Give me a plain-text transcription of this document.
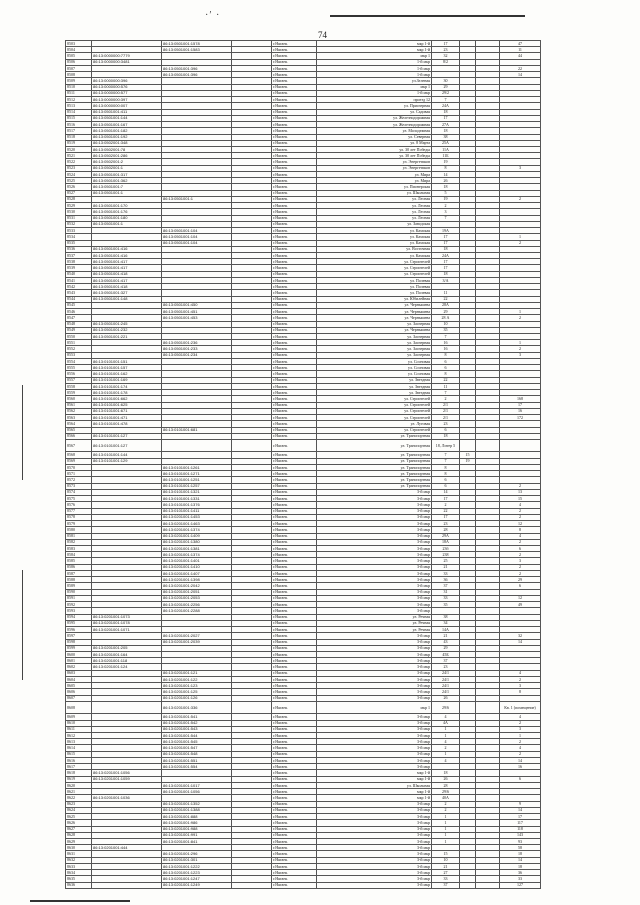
·ʹ ·
74
8503		86:13:0501001:1578		г.Нягань	мкр 1-й	17			47
8504		86:13:0501001:1583		г.Нягань	мкр 1-й	23			11
8505	86:13:0000000:7779			г.Нягань	мкр 1	32			44
8506	86:13:0000000:3481			г.Нягань	1-й мкр	8/2			
8507		86:13:0501001:396		г.Нягань	1-й мкр				22
8508		86:13:0501001:396		г.Нягань	1-й мкр				14
8509	86:13:0000000:396			г.Нягань	ул.Зеленая	30			
8510	86:13:0000000:576			г.Нягань	мкр 1	29			
8511	86:13:0000000:577			г.Нягань	1-й мкр	29/2			
8512	86:13:0000000:397			г.Нягань	проезд 12	7			
8513	86:13:0000000:007			г.Нягань	ул. Приозерная	24А			
8514	86:13:0501001:411			г.Нягань	ул. Садовая	18			
8515	86:13:0501001:144			г.Нягань	ул. Железнодорожная	17			
8516	86:13:0501001:167			г.Нягань	ул. Железнодорожная	27А			
8517	86:13:0501001:182			г.Нягань	ул. Молодежная	18			
8518	86:13:0501001:192			г.Нягань	ул. Северная	38			
8519	86:13:0502001:348			г.Нягань	ул. 8 Марта	25А			
8520	86:13:0502001:78			г.Нягань	ул. 30 лет Победы	11А			
8521	86:13:0502001:286			г.Нягань	ул. 30 лет Победы	11Б			
8522	86:13:0502001:2			г.Нягань	ул. Энергетиков	19			
8523	86:13:0502001:1			г.Нягань	ул. Энергетиков	8			3
8524	86:13:0501001:317			г.Нягань	ул. Мира	14			
8525	86:13:0501001:362			г.Нягань	ул. Мира	26			
8526	86:13:0501001:7			г.Нягань	ул. Пионерская	18			
8527	86:13:0501001:1			г.Нягань	ул. Школьная	5			
8528		86:13:0501001:1		г.Нягань	ул. Лесная	19			2
8529	86:13:0501001:170			г.Нягань	ул. Лесная	2			
8530	86:13:0501001:176			г.Нягань	ул. Лесная	3			
8531	86:13:0501001:180			г.Нягань	ул. Лесная	7			
8532	86:13:0501001:1			г.Нягань	ул. Заводская				
8533		86:13:0501001:104		г.Нягань	ул. Камская	19А			
8534		86:13:0501001:104		г.Нягань	ул. Камская	17			1
8535		86:13:0501001:104		г.Нягань	ул. Камская	17			2
8536	86:13:0501001:416			г.Нягань	ул. Восточная	18			
8537	86:13:0501001:416			г.Нягань	ул. Камская	24А			
8538	86:13:0501001:417			г.Нягань	ул. Строителей	17			
8539	86:13:0501001:417			г.Нягань	ул. Строителей	17			
8540	86:13:0501001:418			г.Нягань	ул. Строителей	18			
8541	86:13:0501001:417			г.Нягань	ул. Полевая	3/А			
8542	86:13:0501001:418			г.Нягань	ул. Полевая				
8543	86:13:0501001:327			г.Нягань	ул. Полевая	11			
8544	86:13:0501001:148			г.Нягань	ул. Юбилейная	22			
8545		86:13:0501001:450		г.Нягань	ул. Чернышева	28А			
8546		86:13:0501001:451		г.Нягань	ул. Чернышева	29			1
8547		86:13:0501001:453		г.Нягань	ул. Чернышева	28 А			2
8548	86:13:0501001:245			г.Нягань	ул. Заозерная	10			
8549	86:13:0501001:232			г.Нягань	ул. Чернышева	35			
8550	86:13:0501001:221			г.Нягань	ул. Заозерная	7			
8551		86:13:0501001:236		г.Нягань	ул. Заозерная	16			1
8552		86:13:0501001:233		г.Нягань	ул. Заозерная	16			2
8553		86:13:0501001:234		г.Нягань	ул. Заозерная	8			3
8554	86:13:0101001:151			г.Нягань	ул. Сосновая	6			
8555	86:13:0101001:157			г.Нягань	ул. Сосновая	6			
8556	86:13:0101001:162			г.Нягань	ул. Сосновая	8			
8557	86:13:0101001:169			г.Нягань	ул. Звездная	22			
8558	86:13:0101001:174			г.Нягань	ул. Звездная	11			
8559	86:13:0101001:178			г.Нягань	ул. Звездная	7			
8560	86:13:0101001:662			г.Нягань	ул. Строителей	2			168
8561	86:13:0101001:625			г.Нягань	ул. Строителей	2/1			17
8562	86:13:0101001:671			г.Нягань	ул. Строителей	2/1			16
8563	86:13:0101001:471			г.Нягань	ул. Строителей	2/1			172
8564	86:13:0101001:478			г.Нягань	ул. Луговая	23			
8565		86:13:0101001:681		г.Нягань	ул. Строителей	6			
8566	86:13:0101001:127			г.Нягань	ул. Транспортная	18			
8567	86:13:0101001:127			г.Нягань	ул. Транспортная	18, Литер 5			
8568	86:13:0101001:144			г.Нягань	ул. Транспортная	7	15		
8569	86:13:0101001:129			г.Нягань	ул. Транспортная	7	19		
8570		86:13:0101001:1261		г.Нягань	ул. Транспортная	8			
8571		86:13:0101001:1271		г.Нягань	ул. Транспортная	8			
8572		86:13:0101001:1251		г.Нягань	ул. Транспортная	6			
8573		86:13:0101001:1257		г.Нягань	ул. Транспортная	6			2
8574		86:13:0101001:1321		г.Нягань	3-й мкр	14			13
8575		86:13:0101001:1331		г.Нягань	3-й мкр	17			15
8576		86:13:0101001:1376		г.Нягань	3-й мкр	2			4
8577		86:13:0101001:1411		г.Нягань	3-й мкр	22			2
8578		86:13:0201001:1453		г.Нягань	3-й мкр	17			2
8579		86:13:0201001:1463		г.Нягань	3-й мкр	23			12
8580		86:13:0201001:1374		г.Нягань	3-й мкр	28			8
8581		86:13:0201001:1409		г.Нягань	3-й мкр	29А			4
8582		86:13:0201001:1380		г.Нягань	3-й мкр	18А			2
8583		86:13:0201001:1381		г.Нягань	3-й мкр	23б			6
8584		86:13:0201001:1374		г.Нягань	3-й мкр	238			2
8585		86:13:0201001:1401		г.Нягань	3-й мкр	25			3
8586		86:13:0201001:1410		г.Нягань	3-й мкр	21			2
8587		86:13:0201001:1407		г.Нягань	3-й мкр	33			2
8588		86:13:0201001:1398		г.Нягань	3-й мкр	36			29
8589		86:13:0201001:2042		г.Нягань	3-й мкр	37			6
8590		86:13:0201001:2051		г.Нягань	3-й мкр	31			
8591		86:13:0201001:2053		г.Нягань	3-й мкр	33			12
8592		86:13:0201001:2256		г.Нягань	3-й мкр	35			49
8593		86:13:0201001:2288		г.Нягань	3-й мкр				
8594	86:13:0201001:1073			г.Нягань	ул. Речная	38			
8595	86:13:0201001:1078			г.Нягань	ул. Речная	34			
8596	86:13:0201001:1071			г.Нягань	ул. Речная	14А			
8597		86:13:0201001:2027		г.Нягань	3-й мкр	21			32
8598		86:13:0201001:2039		г.Нягань	3-й мкр	43			14
8599	86:13:0201001:205			г.Нягань	3-й мкр	29			
8600	86:13:0201001:164			г.Нягань	3-й мкр	45Б			
8601	86:13:0201001:118			г.Нягань	3-й мкр	37			
8602	86:13:0201001:124			г.Нягань	3-й мкр	23			
8603		86:13:0201001:121		г.Нягань	3-й мкр	24/1			4
8604		86:13:0201001:122		г.Нягань	3-й мкр	24/1			2
8605		86:13:0201001:123		г.Нягань	3-й мкр	24/1			3
8606		86:13:0201001:125		г.Нягань	3-й мкр	24/1			8
8607		86:13:0201001:126		г.Нягань	3-й мкр	26			
8608		86:13:0201001:336		г.Нягань	мкр 1	29/6			Кв. 1 (помещение)
8609		86:13:0201001:541		г.Нягань	3-й мкр	4			4
8610		86:13:0201001:542		г.Нягань	3-й мкр	4А			2
8611		86:13:0201001:543		г.Нягань	3-й мкр	1			3
8612		86:13:0201001:544		г.Нягань	3-й мкр	1			1
8613		86:13:0201001:545		г.Нягань	3-й мкр	4			2
8614		86:13:0201001:547		г.Нягань	3-й мкр	2			4
8615		86:13:0201001:548		г.Нягань	3-й мкр	1			2
8616		86:13:0201001:551		г.Нягань	3-й мкр	4			14
8617		86:13:0201001:554		г.Нягань	3-й мкр				16
8618	86:13:0201001:1056			г.Нягань	мкр 1-й	18			
8619	86:13:0201001:1059			г.Нягань	мкр 1-й	26			6
8620		86:13:0201001:1017		г.Нягань	ул. Школьная	28			
8621		86:13:0201001:1056		г.Нягань	мкр 1-й	29/6			
8622	86:13:0201001:1036			г.Нягань	мкр 1-й	40А			
8623		86:13:0201001:1352		г.Нягань	3-й мкр	2			9
8624		86:13:0201001:1388		г.Нягань	3-й мкр	2			14
8625		86:13:0201001:888		г.Нягань	3-й мкр	1			17
8626		86:13:0201001:986		г.Нягань	3-й мкр	1			117
8627		86:13:0201001:988		г.Нягань	3-й мкр	1			118
8628		86:13:0201001:991		г.Нягань	3-й мкр	1			143
8629		86:13:0201001:841		г.Нягань	3-й мкр	1			93
8630	86:13:0201001:444			г.Нягань	3-й мкр				58
8631		86:13:0201001:296		г.Нягань	3-й мкр	15			18
8632		86:13:0201001:301		г.Нягань	3-й мкр	10			14
8633		86:13:0201001:1222		г.Нягань	3-й мкр	21			18
8634		86:13:0201001:1223		г.Нягань	3-й мкр	27			36
8635		86:13:0201001:1247		г.Нягань	3-й мкр	33			33
8636		86:13:0201001:1249		г.Нягань	3-й мкр	37			127
